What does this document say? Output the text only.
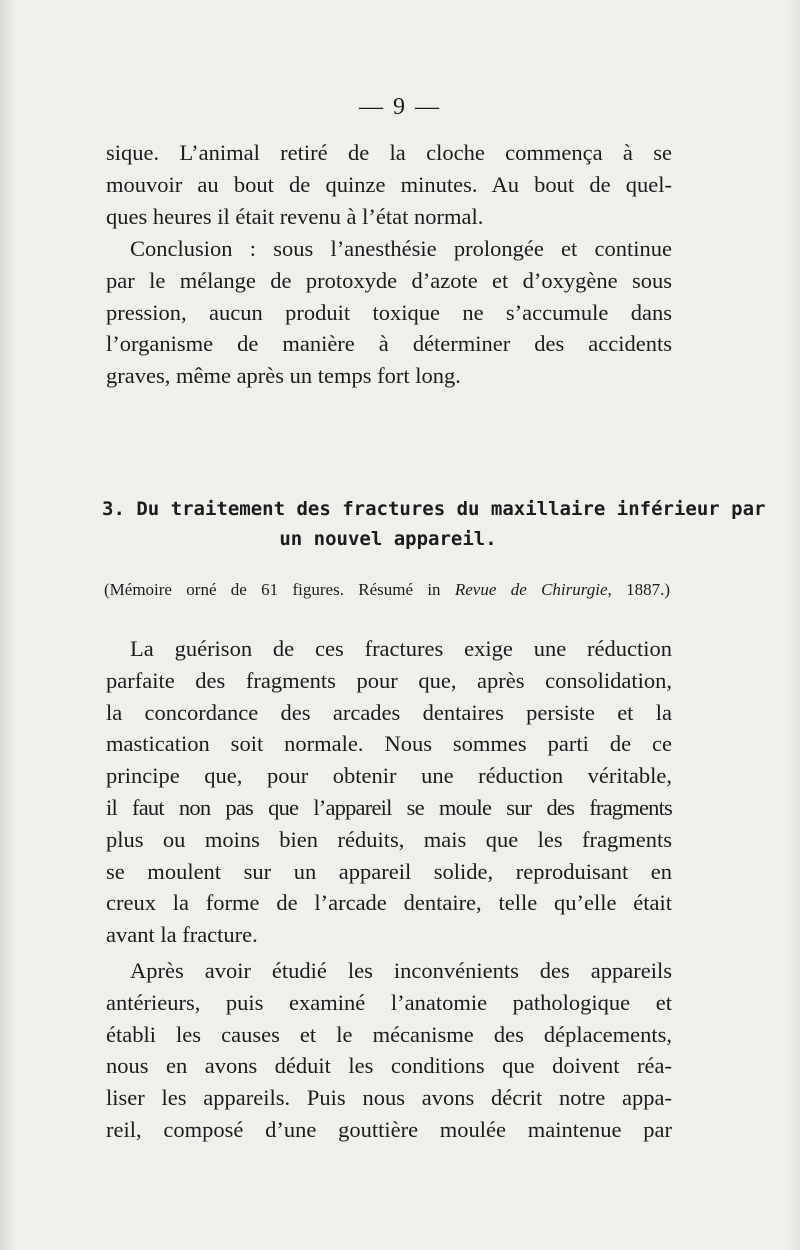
— 9 —
sique. L’animal retiré de la cloche commença à se
mouvoir au bout de quinze minutes. Au bout de quel-
ques heures il était revenu à l’état normal.
Conclusion : sous l’anesthésie prolongée et continue
par le mélange de protoxyde d’azote et d’oxygène sous
pression, aucun produit toxique ne s’accumule dans
l’organisme de manière à déterminer des accidents
graves, même après un temps fort long.
3. Du traitement des fractures du maxillaire inférieur par
un nouvel appareil.
(Mémoire orné de 61 figures. Résumé in Revue de Chirurgie, 1887.)
La guérison de ces fractures exige une réduction
parfaite des fragments pour que, après consolidation,
la concordance des arcades dentaires persiste et la
mastication soit normale. Nous sommes parti de ce
principe que, pour obtenir une réduction véritable,
il faut non pas que l’appareil se moule sur des fragments
plus ou moins bien réduits, mais que les fragments
se moulent sur un appareil solide, reproduisant en
creux la forme de l’arcade dentaire, telle qu’elle était
avant la fracture.
Après avoir étudié les inconvénients des appareils
antérieurs, puis examiné l’anatomie pathologique et
établi les causes et le mécanisme des déplacements,
nous en avons déduit les conditions que doivent réa-
liser les appareils. Puis nous avons décrit notre appa-
reil, composé d’une gouttière moulée maintenue par
